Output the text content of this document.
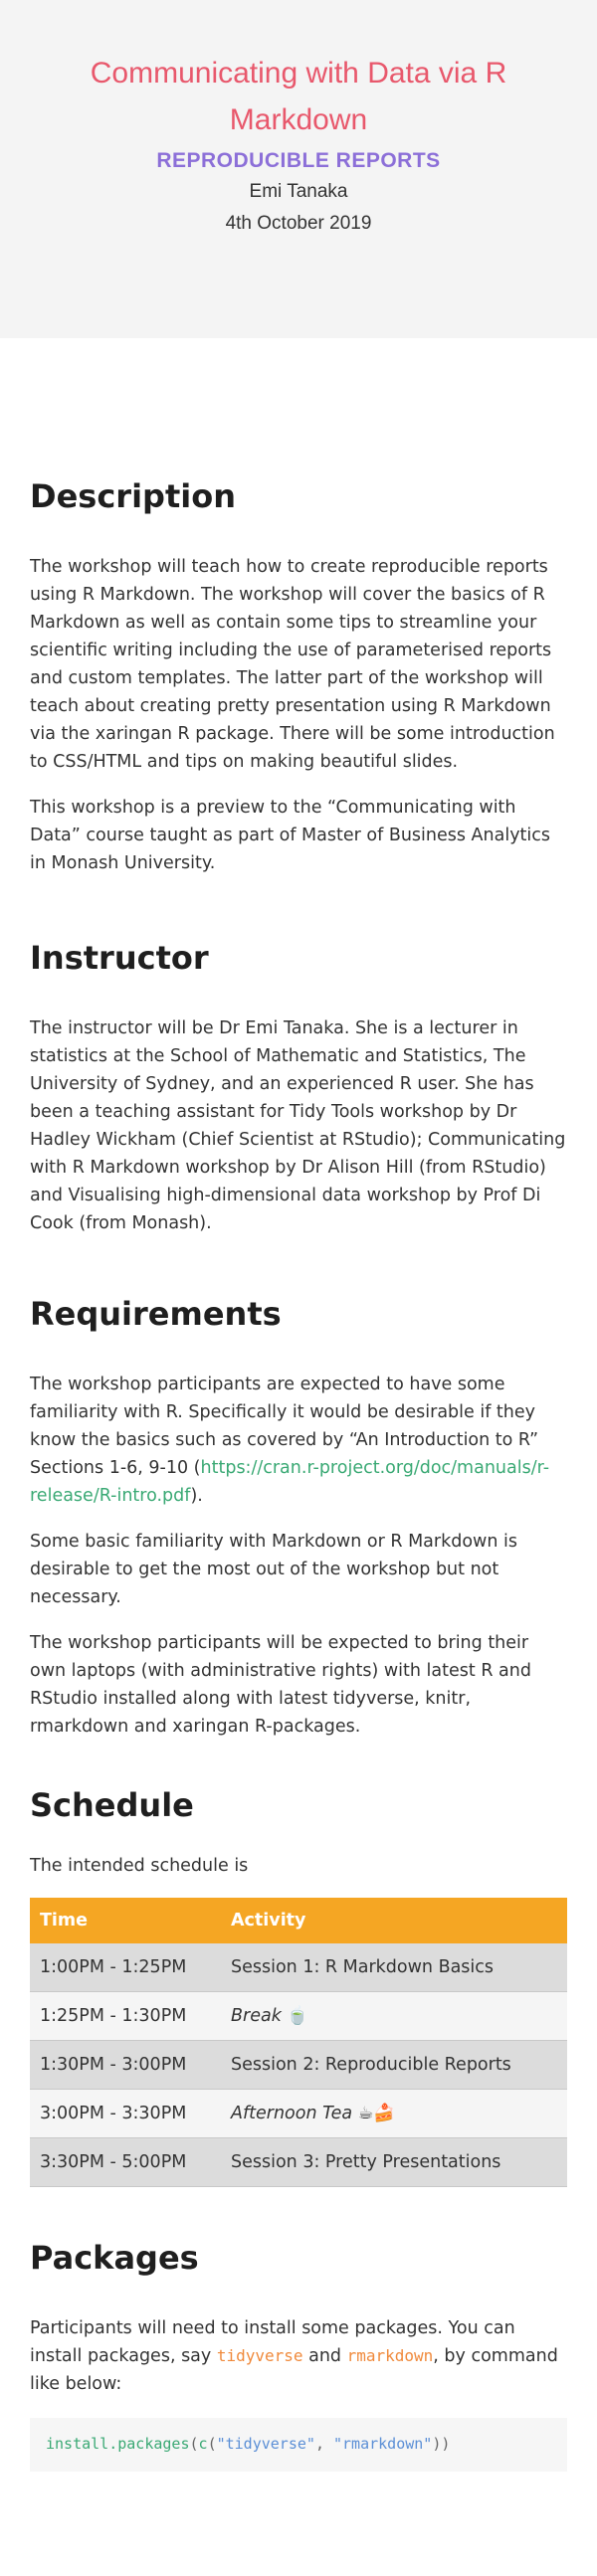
Communicating with Data via R Markdown
REPRODUCIBLE REPORTS
Emi Tanaka
4th October 2019
Description

The workshop will teach how to create reproducible reports using R Markdown. The workshop will cover the basics of R Markdown as well as contain some tips to streamline your scientific writing including the use of parameterised reports and custom templates. The latter part of the workshop will teach about creating pretty presentation using R Markdown via the xaringan R package. There will be some introduction to CSS/HTML and tips on making beautiful slides.

This workshop is a preview to the “Communicating with Data” course taught as part of Master of Business Analytics in Monash University.

Instructor

The instructor will be Dr Emi Tanaka. She is a lecturer in statistics at the School of Mathematic and Statistics, The University of Sydney, and an experienced R user. She has been a teaching assistant for Tidy Tools workshop by Dr Hadley Wickham (Chief Scientist at RStudio); Communicating with R Markdown workshop by Dr Alison Hill (from RStudio) and Visualising high-dimensional data workshop by Prof Di Cook (from Monash).

Requirements

The workshop participants are expected to have some familiarity with R. Specifically it would be desirable if they know the basics such as covered by “An Introduction to R” Sections 1-6, 9-10 (https://cran.r-project.org/doc/manuals/r-release/R-intro.pdf).

Some basic familiarity with Markdown or R Markdown is desirable to get the most out of the workshop but not necessary.

The workshop participants will be expected to bring their own laptops (with administrative rights) with latest R and RStudio installed along with latest tidyverse, knitr, rmarkdown and xaringan R-packages.

Schedule

The intended schedule is

Time	Activity
1:00PM - 1:25PM	Session 1: R Markdown Basics
1:25PM - 1:30PM	Break 🍵
1:30PM - 3:00PM	Session 2: Reproducible Reports
3:00PM - 3:30PM	Afternoon Tea ☕🍰
3:30PM - 5:00PM	Session 3: Pretty Presentations
Packages

Participants will need to install some packages. You can install packages, say tidyverse and rmarkdown, by command like below:

install.packages(c("tidyverse", "rmarkdown"))
